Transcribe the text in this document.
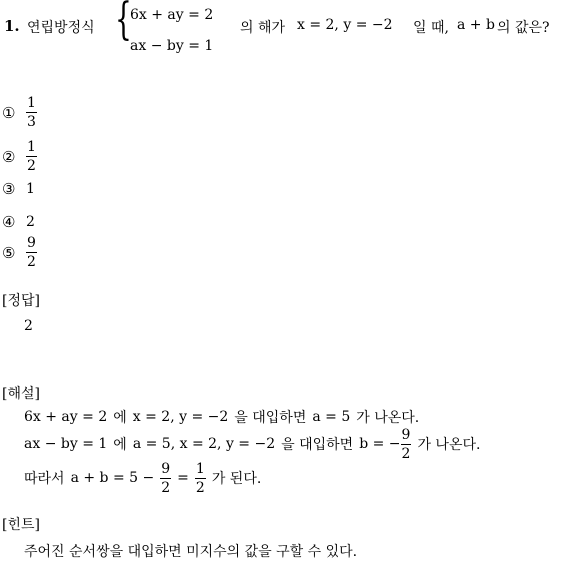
1. 연립방정식 {
6x + ay = 2
ax − by = 1
의 해가 x = 2, y = −2 일 때, a + b 의 값은?
① $\frac{1}{3}$
② $\frac{1}{2}$
③ 1
④ 2
⑤ $\frac{9}{2}$
[정답]
2
[해설]
6x + ay = 2 에 x = 2, y = −2 을 대입하면 a = 5 가 나온다.
ax − by = 1 에 a = 5, x = 2, y = −2 을 대입하면 b = − $\frac{9}{2}$ 가 나온다.
따라서 $a + b = 5 - \frac{9}{2} = \frac{1}{2}$ 가 된다.
[힌트]
주어진 순서쌍을 대입하면 미지수의 값을 구할 수 있다.
